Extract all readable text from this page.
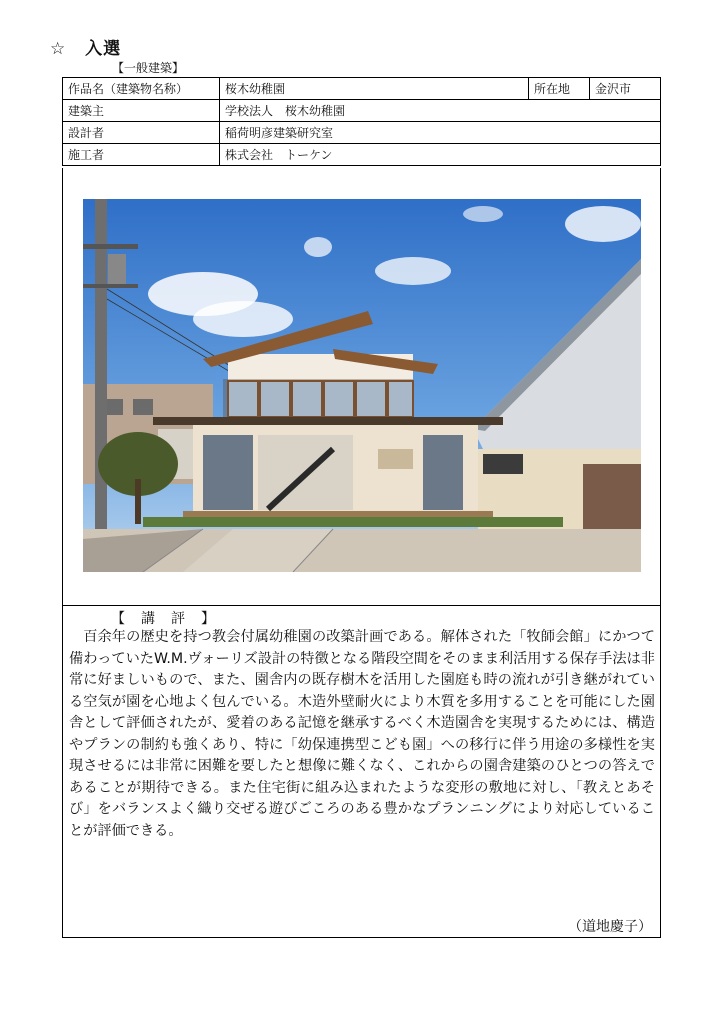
☆ 入選
【一般建築】
作品名（建築物名称）	桜木幼稚園	所在地	金沢市
建築主	学校法人　桜木幼稚園		
設計者	稲荷明彦建築研究室		
施工者	株式会社　トーケン		
【　講　評　】
百余年の歴史を持つ教会付属幼稚園の改築計画である。解体された「牧師会館」にかつて備わっていたW.M.ヴォーリズ設計の特徴となる階段空間をそのまま利活用する保存手法は非常に好ましいもので、また、園舎内の既存樹木を活用した園庭も時の流れが引き継がれている空気が園を心地よく包んでいる。木造外壁耐火により木質を多用することを可能にした園舎として評価されたが、愛着のある記憶を継承するべく木造園舎を実現するためには、構造やプランの制約も強くあり、特に「幼保連携型こども園」への移行に伴う用途の多様性を実現させるには非常に困難を要したと想像に難くなく、これからの園舎建築のひとつの答えであることが期待できる。また住宅街に組み込まれたような変形の敷地に対し、「教えとあそび」をバランスよく織り交ぜる遊びごころのある豊かなプランニングにより対応していることが評価できる。
（道地慶子）
